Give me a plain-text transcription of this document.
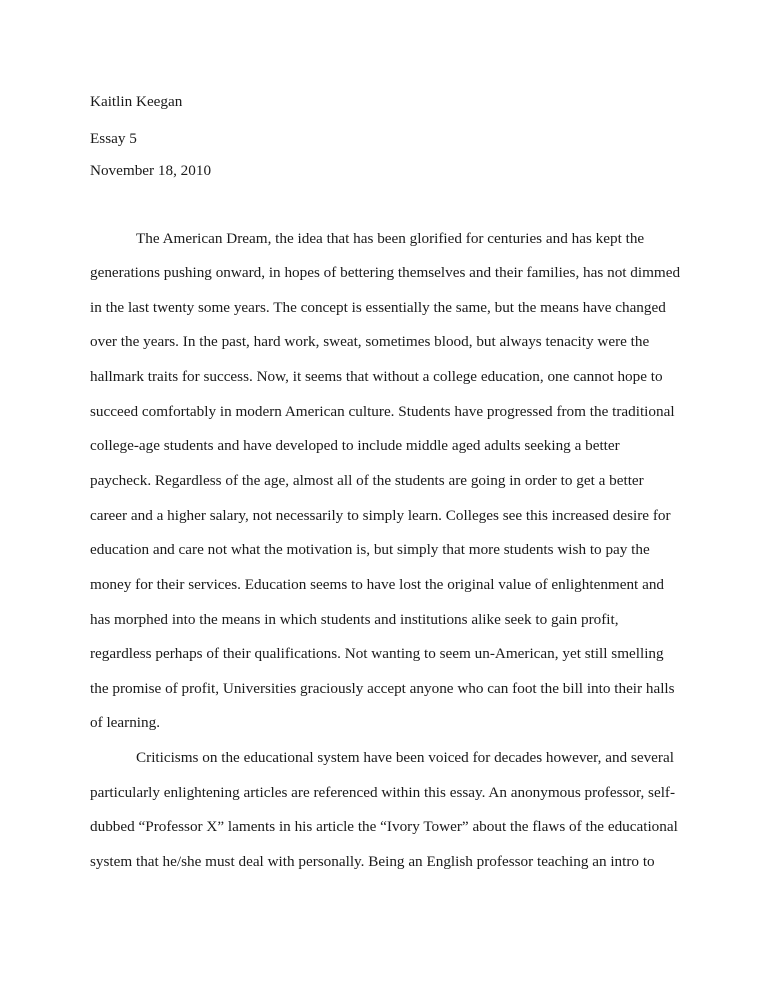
Kaitlin Keegan

Essay 5

November 18, 2010

The American Dream, the idea that has been glorified for centuries and has kept the

generations pushing onward, in hopes of bettering themselves and their families, has not dimmed

in the last twenty some years. The concept is essentially the same, but the means have changed

over the years. In the past, hard work, sweat, sometimes blood, but always tenacity were the

hallmark traits for success. Now, it seems that without a college education, one cannot hope to

succeed comfortably in modern American culture. Students have progressed from the traditional

college-age students and have developed to include middle aged adults seeking a better

paycheck. Regardless of the age, almost all of the students are going in order to get a better

career and a higher salary, not necessarily to simply learn. Colleges see this increased desire for

education and care not what the motivation is, but simply that more students wish to pay the

money for their services. Education seems to have lost the original value of enlightenment and

has morphed into the means in which students and institutions alike seek to gain profit,

regardless perhaps of their qualifications. Not wanting to seem un-American, yet still smelling

the promise of profit, Universities graciously accept anyone who can foot the bill into their halls

of learning.

Criticisms on the educational system have been voiced for decades however, and several

particularly enlightening articles are referenced within this essay. An anonymous professor, self-

dubbed “Professor X” laments in his article the “Ivory Tower” about the flaws of the educational

system that he/she must deal with personally. Being an English professor teaching an intro to
